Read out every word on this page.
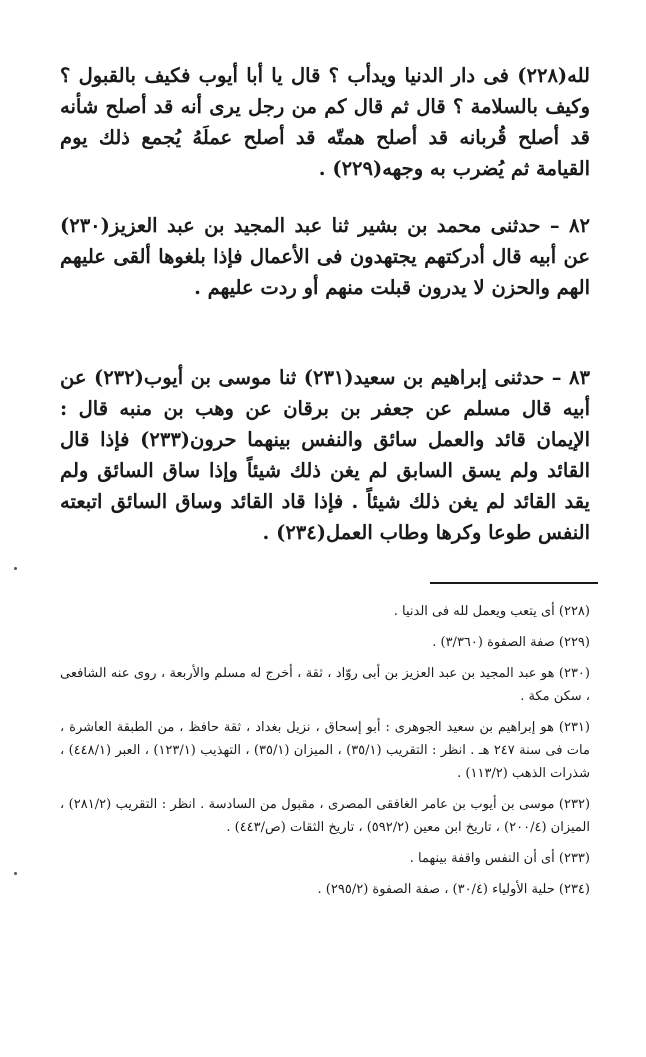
لله(٢٢٨) فى دار الدنيا ويدأب ؟ قال يا أبا أيوب فكيف بالقبول ؟ وكيف بالسلامة ؟ قال ثم قال كم من رجل يرى أنه قد أصلح شأنه قد أصلح قُربانه قد أصلح همتّه قد أصلح عملَهُ يُجمع ذلك يوم القيامة ثم يُضرب به وجهه(٢٢٩) .

٨٢ – حدثنى محمد بن بشير ثنا عبد المجيد بن عبد العزيز(٢٣٠) عن أبيه قال أدركتهم يجتهدون فى الأعمال فإذا بلغوها ألقى عليهم الهم والحزن لا يدرون قبلت منهم أو ردت عليهم .

٨٣ – حدثنى إبراهيم بن سعيد(٢٣١) ثنا موسى بن أيوب(٢٣٢) عن أبيه قال مسلم عن جعفر بن برقان عن وهب بن منبه قال : الإيمان قائد والعمل سائق والنفس بينهما حرون(٢٣٣) فإذا قال القائد ولم يسق السابق لم يغن ذلك شيئاً وإذا ساق السائق ولم يقد القائد لم يغن ذلك شيئاً . فإذا قاد القائد وساق السائق اتبعته النفس طوعا وكرها وطاب العمل(٢٣٤) .

(٢٢٨) أى يتعب ويعمل لله فى الدنيا .

(٢٢٩) صفة الصفوة (٣/٣٦٠) .

(٢٣٠) هو عبد المجيد بن عبد العزيز بن أبى روّاد ، ثقة ، أخرج له مسلم والأربعة ، روى عنه الشافعى ، سكن مكة .

(٢٣١) هو إبراهيم بن سعيد الجوهرى : أبو إسحاق ، نزيل بغداد ، ثقة حافظ ، من الطبقة العاشرة ، مات فى سنة ٢٤٧ هـ . انظر : التقريب (٣٥/١) ، الميزان (٣٥/١) ، التهذيب (١٢٣/١) ، العبر (٤٤٨/١) ، شذرات الذهب (١١٣/٢) .

(٢٣٢) موسى بن أيوب بن عامر الغافقى المصرى ، مقبول من السادسة . انظر : التقريب (٢٨١/٢) ، الميزان (٢٠٠/٤) ، تاريخ ابن معين (٥٩٢/٢) ، تاريخ الثقات (ص/٤٤٣) .

(٢٣٣) أى أن النفس واقفة بينهما .

(٢٣٤) حلية الأولياء (٣٠/٤) ، صفة الصفوة (٢٩٥/٢) .
